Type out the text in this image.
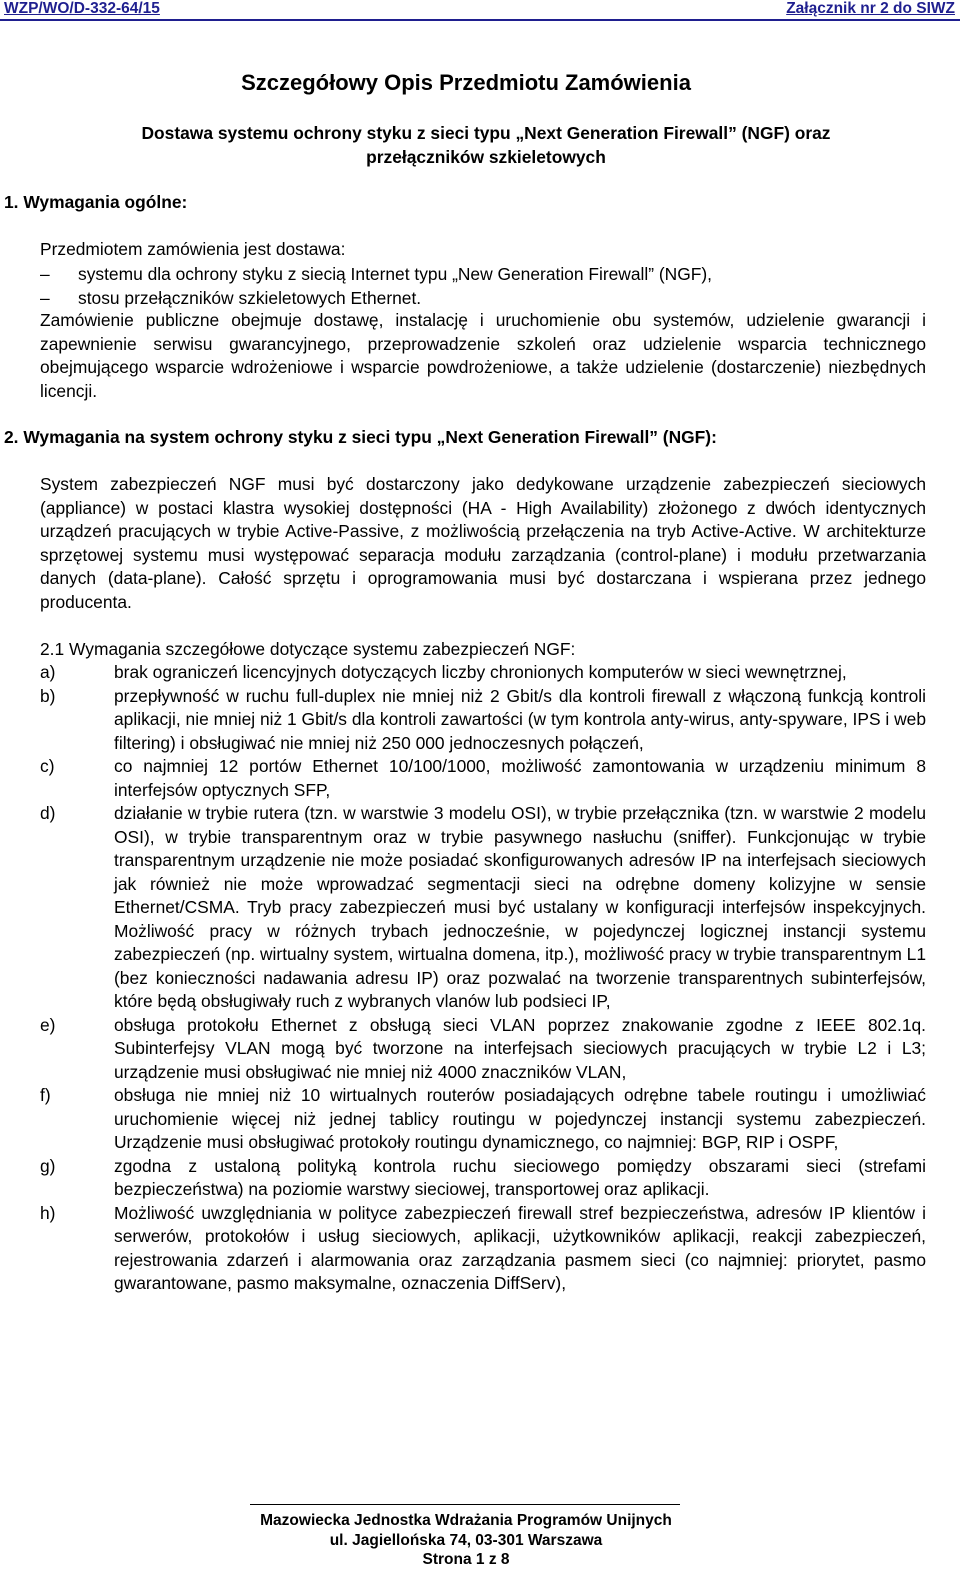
WZP/WO/D-332-64/15	Załącznik nr 2 do SIWZ
Szczegółowy Opis Przedmiotu Zamówienia
Dostawa systemu ochrony styku z sieci typu „Next Generation Firewall” (NGF) oraz
przełączników szkieletowych
1. Wymagania ogólne:
Przedmiotem zamówienia jest dostawa:
– systemu dla ochrony styku z siecią Internet typu „New Generation Firewall” (NGF),
– stosu przełączników szkieletowych Ethernet.
Zamówienie publiczne obejmuje dostawę, instalację i uruchomienie obu systemów, udzielenie gwarancji i zapewnienie serwisu gwarancyjnego, przeprowadzenie szkoleń oraz udzielenie wsparcia technicznego obejmującego wsparcie wdrożeniowe i wsparcie powdrożeniowe, a także udzielenie (dostarczenie) niezbędnych licencji.
2. Wymagania na system ochrony styku z sieci typu „Next Generation Firewall” (NGF):
System zabezpieczeń NGF musi być dostarczony jako dedykowane urządzenie zabezpieczeń sieciowych (appliance) w postaci klastra wysokiej dostępności (HA - High Availability) złożonego z dwóch identycznych urządzeń pracujących w trybie Active-Passive, z możliwością przełączenia na tryb Active-Active. W architekturze sprzętowej systemu musi występować separacja modułu zarządzania (control-plane) i modułu przetwarzania danych (data-plane). Całość sprzętu i oprogramowania musi być dostarczana i wspierana przez jednego producenta.
2.1 Wymagania szczegółowe dotyczące systemu zabezpieczeń NGF:
a)	brak ograniczeń licencyjnych dotyczących liczby chronionych komputerów w sieci wewnętrznej,
b)	przepływność w ruchu full-duplex nie mniej niż 2 Gbit/s dla kontroli firewall z włączoną funkcją kontroli aplikacji, nie mniej niż 1 Gbit/s dla kontroli zawartości (w tym kontrola anty-wirus, anty-spyware, IPS i web filtering) i obsługiwać nie mniej niż 250 000 jednoczesnych połączeń,
c)	co najmniej 12 portów Ethernet 10/100/1000, możliwość zamontowania w urządzeniu minimum 8 interfejsów optycznych SFP,
d)	działanie w trybie rutera (tzn. w warstwie 3 modelu OSI), w trybie przełącznika (tzn. w warstwie 2 modelu OSI), w trybie transparentnym oraz w trybie pasywnego nasłuchu (sniffer). Funkcjonując w trybie transparentnym urządzenie nie może posiadać skonfigurowanych adresów IP na interfejsach sieciowych jak również nie może wprowadzać segmentacji sieci na odrębne domeny kolizyjne w sensie Ethernet/CSMA. Tryb pracy zabezpieczeń musi być ustalany w konfiguracji interfejsów inspekcyjnych. Możliwość pracy w różnych trybach jednocześnie, w pojedynczej logicznej instancji systemu zabezpieczeń (np. wirtualny system, wirtualna domena, itp.), możliwość pracy w trybie transparentnym L1 (bez konieczności nadawania adresu IP) oraz pozwalać na tworzenie transparentnych subinterfejsów, które będą obsługiwały ruch z wybranych vlanów lub podsieci IP,
e)	obsługa protokołu Ethernet z obsługą sieci VLAN poprzez znakowanie zgodne z IEEE 802.1q. Subinterfejsy VLAN mogą być tworzone na interfejsach sieciowych pracujących w trybie L2 i L3; urządzenie musi obsługiwać nie mniej niż 4000 znaczników VLAN,
f)	obsługa nie mniej niż 10 wirtualnych routerów posiadających odrębne tabele routingu i umożliwiać uruchomienie więcej niż jednej tablicy routingu w pojedynczej instancji systemu zabezpieczeń. Urządzenie musi obsługiwać protokoły routingu dynamicznego, co najmniej: BGP, RIP i OSPF,
g)	zgodna z ustaloną polityką kontrola ruchu sieciowego pomiędzy obszarami sieci (strefami bezpieczeństwa) na poziomie warstwy sieciowej, transportowej oraz aplikacji.
h)	Możliwość uwzględniania w polityce zabezpieczeń firewall stref bezpieczeństwa, adresów IP klientów i serwerów, protokołów i usług sieciowych, aplikacji, użytkowników aplikacji, reakcji zabezpieczeń, rejestrowania zdarzeń i alarmowania oraz zarządzania pasmem sieci (co najmniej: priorytet, pasmo gwarantowane, pasmo maksymalne, oznaczenia DiffServ),
Mazowiecka Jednostka Wdrażania Programów Unijnych
ul. Jagiellońska 74, 03-301 Warszawa
Strona 1 z 8
